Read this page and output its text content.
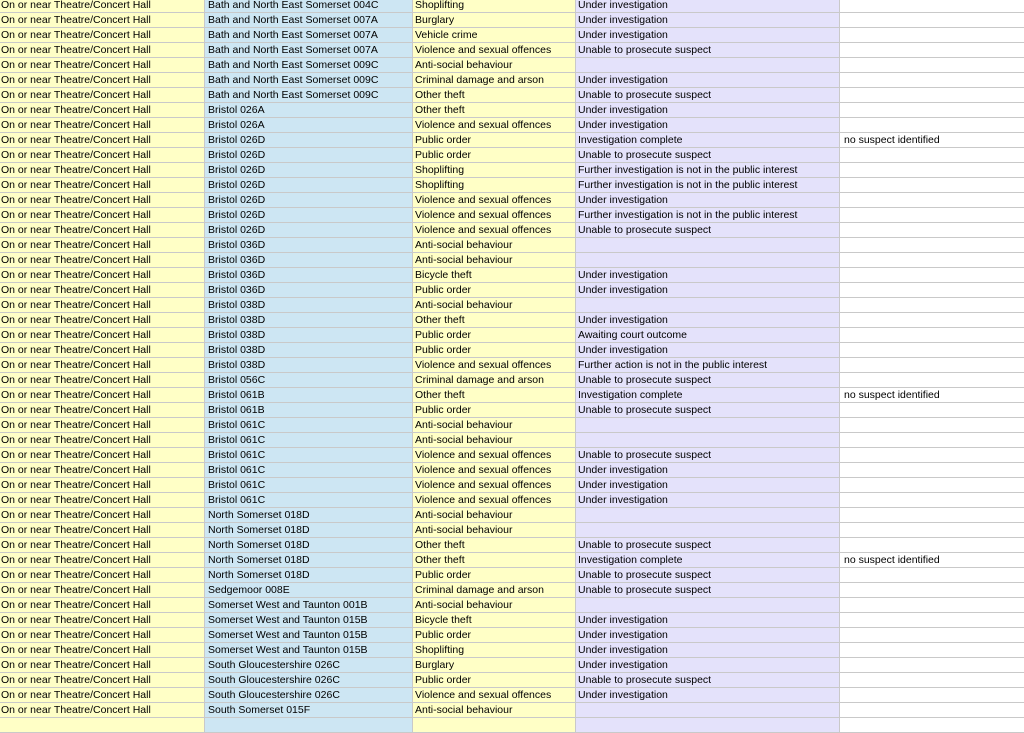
On or near Theatre/Concert Hall	Bath and North East Somerset 004C	Shoplifting	Under investigation
On or near Theatre/Concert Hall	Bath and North East Somerset 007A	Burglary	Under investigation
On or near Theatre/Concert Hall	Bath and North East Somerset 007A	Vehicle crime	Under investigation
On or near Theatre/Concert Hall	Bath and North East Somerset 007A	Violence and sexual offences	Unable to prosecute suspect
On or near Theatre/Concert Hall	Bath and North East Somerset 009C	Anti-social behaviour
On or near Theatre/Concert Hall	Bath and North East Somerset 009C	Criminal damage and arson	Under investigation
On or near Theatre/Concert Hall	Bath and North East Somerset 009C	Other theft	Unable to prosecute suspect
On or near Theatre/Concert Hall	Bristol 026A	Other theft	Under investigation
On or near Theatre/Concert Hall	Bristol 026A	Violence and sexual offences	Under investigation
On or near Theatre/Concert Hall	Bristol 026D	Public order	Investigation complete	no suspect identified
On or near Theatre/Concert Hall	Bristol 026D	Public order	Unable to prosecute suspect
On or near Theatre/Concert Hall	Bristol 026D	Shoplifting	Further investigation is not in the public interest
On or near Theatre/Concert Hall	Bristol 026D	Shoplifting	Further investigation is not in the public interest
On or near Theatre/Concert Hall	Bristol 026D	Violence and sexual offences	Under investigation
On or near Theatre/Concert Hall	Bristol 026D	Violence and sexual offences	Further investigation is not in the public interest
On or near Theatre/Concert Hall	Bristol 026D	Violence and sexual offences	Unable to prosecute suspect
On or near Theatre/Concert Hall	Bristol 036D	Anti-social behaviour
On or near Theatre/Concert Hall	Bristol 036D	Anti-social behaviour
On or near Theatre/Concert Hall	Bristol 036D	Bicycle theft	Under investigation
On or near Theatre/Concert Hall	Bristol 036D	Public order	Under investigation
On or near Theatre/Concert Hall	Bristol 038D	Anti-social behaviour
On or near Theatre/Concert Hall	Bristol 038D	Other theft	Under investigation
On or near Theatre/Concert Hall	Bristol 038D	Public order	Awaiting court outcome
On or near Theatre/Concert Hall	Bristol 038D	Public order	Under investigation
On or near Theatre/Concert Hall	Bristol 038D	Violence and sexual offences	Further action is not in the public interest
On or near Theatre/Concert Hall	Bristol 056C	Criminal damage and arson	Unable to prosecute suspect
On or near Theatre/Concert Hall	Bristol 061B	Other theft	Investigation complete	no suspect identified
On or near Theatre/Concert Hall	Bristol 061B	Public order	Unable to prosecute suspect
On or near Theatre/Concert Hall	Bristol 061C	Anti-social behaviour
On or near Theatre/Concert Hall	Bristol 061C	Anti-social behaviour
On or near Theatre/Concert Hall	Bristol 061C	Violence and sexual offences	Unable to prosecute suspect
On or near Theatre/Concert Hall	Bristol 061C	Violence and sexual offences	Under investigation
On or near Theatre/Concert Hall	Bristol 061C	Violence and sexual offences	Under investigation
On or near Theatre/Concert Hall	Bristol 061C	Violence and sexual offences	Under investigation
On or near Theatre/Concert Hall	North Somerset 018D	Anti-social behaviour
On or near Theatre/Concert Hall	North Somerset 018D	Anti-social behaviour
On or near Theatre/Concert Hall	North Somerset 018D	Other theft	Unable to prosecute suspect
On or near Theatre/Concert Hall	North Somerset 018D	Other theft	Investigation complete	no suspect identified
On or near Theatre/Concert Hall	North Somerset 018D	Public order	Unable to prosecute suspect
On or near Theatre/Concert Hall	Sedgemoor 008E	Criminal damage and arson	Unable to prosecute suspect
On or near Theatre/Concert Hall	Somerset West and Taunton 001B	Anti-social behaviour
On or near Theatre/Concert Hall	Somerset West and Taunton 015B	Bicycle theft	Under investigation
On or near Theatre/Concert Hall	Somerset West and Taunton 015B	Public order	Under investigation
On or near Theatre/Concert Hall	Somerset West and Taunton 015B	Shoplifting	Under investigation
On or near Theatre/Concert Hall	South Gloucestershire 026C	Burglary	Under investigation
On or near Theatre/Concert Hall	South Gloucestershire 026C	Public order	Unable to prosecute suspect
On or near Theatre/Concert Hall	South Gloucestershire 026C	Violence and sexual offences	Under investigation
On or near Theatre/Concert Hall	South Somerset 015F	Anti-social behaviour
